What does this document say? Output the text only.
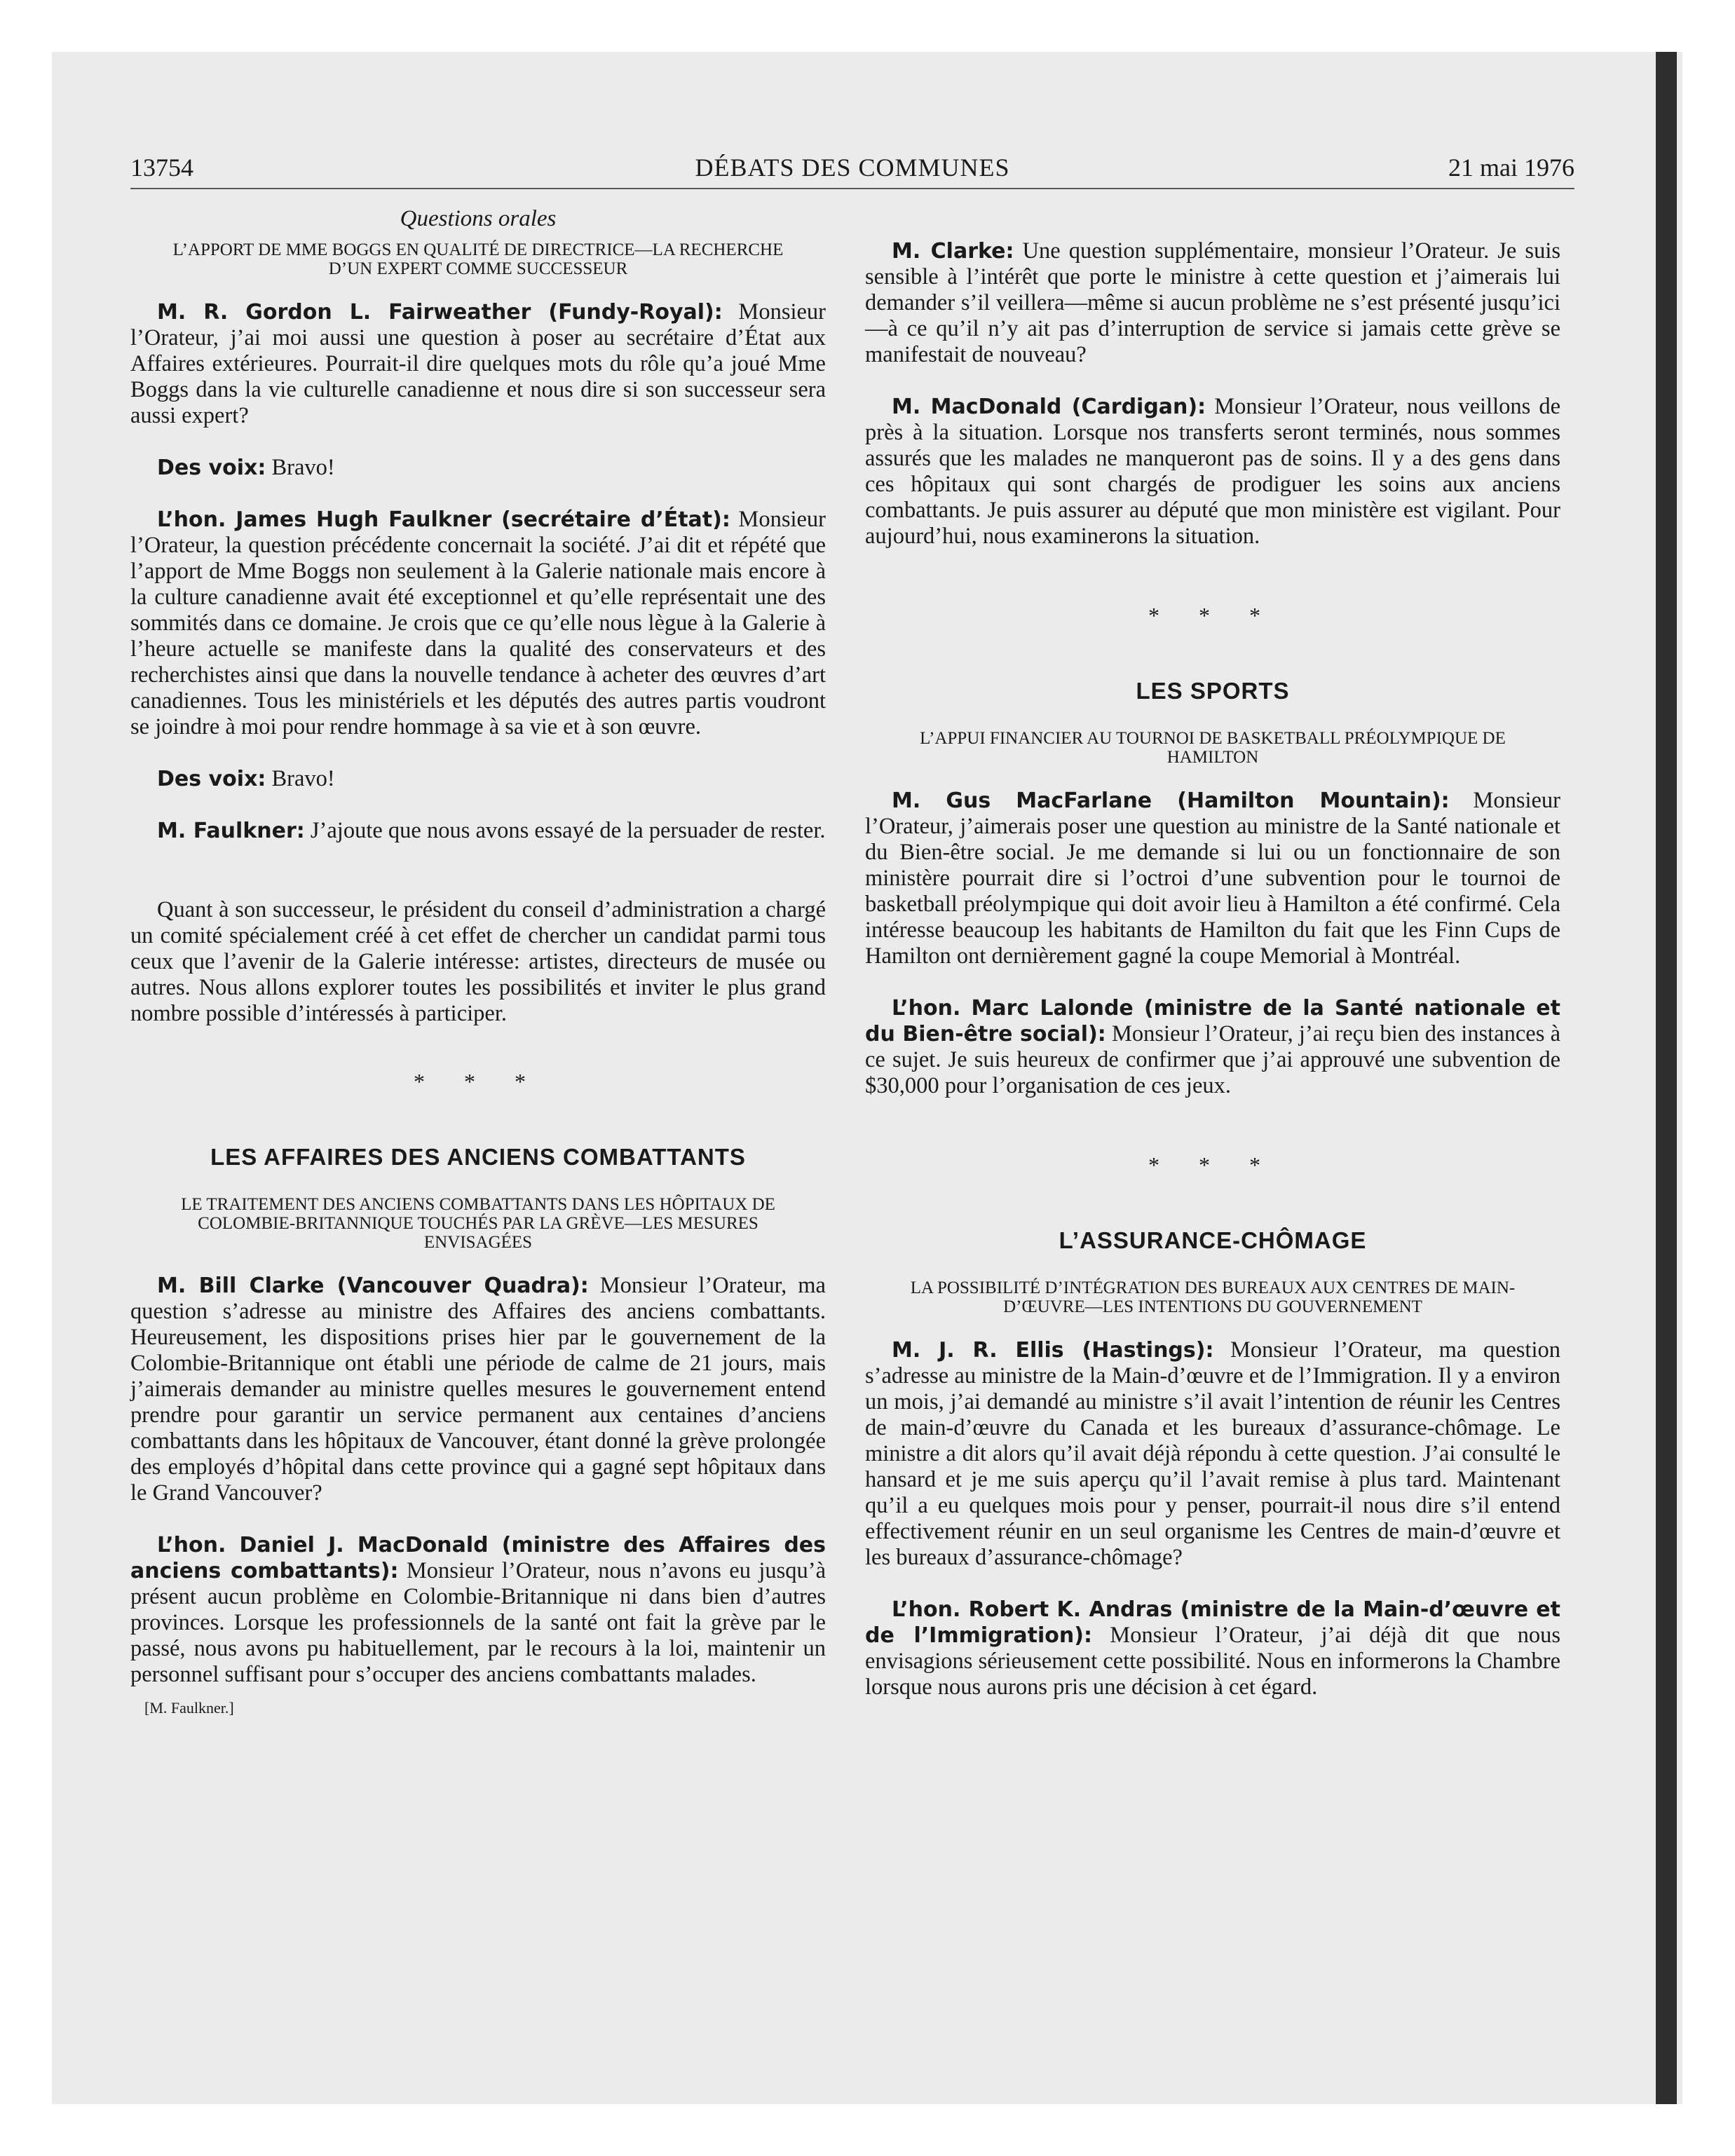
13754	DÉBATS DES COMMUNES	21 mai 1976
Questions orales
L’APPORT DE MME BOGGS EN QUALITÉ DE DIRECTRICE—LA RECHERCHE D’UN EXPERT COMME SUCCESSEUR

M. R. Gordon L. Fairweather (Fundy-Royal): Monsieur l’Orateur, j’ai moi aussi une question à poser au secrétaire d’État aux Affaires extérieures. Pourrait-il dire quelques mots du rôle qu’a joué Mme Boggs dans la vie culturelle canadienne et nous dire si son successeur sera aussi expert?

Des voix: Bravo!

L’hon. James Hugh Faulkner (secrétaire d’État): Monsieur l’Orateur, la question précédente concernait la société. J’ai dit et répété que l’apport de Mme Boggs non seulement à la Galerie nationale mais encore à la culture canadienne avait été exceptionnel et qu’elle représentait une des sommités dans ce domaine. Je crois que ce qu’elle nous lègue à la Galerie à l’heure actuelle se manifeste dans la qualité des conservateurs et des recherchistes ainsi que dans la nouvelle tendance à acheter des œuvres d’art canadiennes. Tous les ministériels et les députés des autres partis voudront se joindre à moi pour rendre hommage à sa vie et à son œuvre.

Des voix: Bravo!

M. Faulkner: J’ajoute que nous avons essayé de la persuader de rester.

Quant à son successeur, le président du conseil d’administration a chargé un comité spécialement créé à cet effet de chercher un candidat parmi tous ceux que l’avenir de la Galerie intéresse: artistes, directeurs de musée ou autres. Nous allons explorer toutes les possibilités et inviter le plus grand nombre possible d’intéressés à participer.

* * *
LES AFFAIRES DES ANCIENS COMBATTANTS
LE TRAITEMENT DES ANCIENS COMBATTANTS DANS LES HÔPITAUX DE COLOMBIE-BRITANNIQUE TOUCHÉS PAR LA GRÈVE—LES MESURES ENVISAGÉES

M. Bill Clarke (Vancouver Quadra): Monsieur l’Orateur, ma question s’adresse au ministre des Affaires des anciens combattants. Heureusement, les dispositions prises hier par le gouvernement de la Colombie-Britannique ont établi une période de calme de 21 jours, mais j’aimerais demander au ministre quelles mesures le gouvernement entend prendre pour garantir un service permanent aux centaines d’anciens combattants dans les hôpitaux de Vancouver, étant donné la grève prolongée des employés d’hôpital dans cette province qui a gagné sept hôpitaux dans le Grand Vancouver?

L’hon. Daniel J. MacDonald (ministre des Affaires des anciens combattants): Monsieur l’Orateur, nous n’avons eu jusqu’à présent aucun problème en Colombie-Britannique ni dans bien d’autres provinces. Lorsque les professionnels de la santé ont fait la grève par le passé, nous avons pu habituellement, par le recours à la loi, maintenir un personnel suffisant pour s’occuper des anciens combattants malades.

[M. Faulkner.]

M. Clarke: Une question supplémentaire, monsieur l’Orateur. Je suis sensible à l’intérêt que porte le ministre à cette question et j’aimerais lui demander s’il veillera—même si aucun problème ne s’est présenté jusqu’ici—à ce qu’il n’y ait pas d’interruption de service si jamais cette grève se manifestait de nouveau?

M. MacDonald (Cardigan): Monsieur l’Orateur, nous veillons de près à la situation. Lorsque nos transferts seront terminés, nous sommes assurés que les malades ne manqueront pas de soins. Il y a des gens dans ces hôpitaux qui sont chargés de prodiguer les soins aux anciens combattants. Je puis assurer au député que mon ministère est vigilant. Pour aujourd’hui, nous examinerons la situation.

* * *
LES SPORTS
L’APPUI FINANCIER AU TOURNOI DE BASKETBALL PRÉOLYMPIQUE DE HAMILTON

M. Gus MacFarlane (Hamilton Mountain): Monsieur l’Orateur, j’aimerais poser une question au ministre de la Santé nationale et du Bien-être social. Je me demande si lui ou un fonctionnaire de son ministère pourrait dire si l’octroi d’une subvention pour le tournoi de basketball préolympique qui doit avoir lieu à Hamilton a été confirmé. Cela intéresse beaucoup les habitants de Hamilton du fait que les Finn Cups de Hamilton ont dernièrement gagné la coupe Memorial à Montréal.

L’hon. Marc Lalonde (ministre de la Santé nationale et du Bien-être social): Monsieur l’Orateur, j’ai reçu bien des instances à ce sujet. Je suis heureux de confirmer que j’ai approuvé une subvention de $30,000 pour l’organisation de ces jeux.

* * *
L’ASSURANCE-CHÔMAGE
LA POSSIBILITÉ D’INTÉGRATION DES BUREAUX AUX CENTRES DE MAIN-D’ŒUVRE—LES INTENTIONS DU GOUVERNEMENT

M. J. R. Ellis (Hastings): Monsieur l’Orateur, ma question s’adresse au ministre de la Main-d’œuvre et de l’Immigration. Il y a environ un mois, j’ai demandé au ministre s’il avait l’intention de réunir les Centres de main-d’œuvre du Canada et les bureaux d’assurance-chômage. Le ministre a dit alors qu’il avait déjà répondu à cette question. J’ai consulté le hansard et je me suis aperçu qu’il l’avait remise à plus tard. Maintenant qu’il a eu quelques mois pour y penser, pourrait-il nous dire s’il entend effectivement réunir en un seul organisme les Centres de main-d’œuvre et les bureaux d’assurance-chômage?

L’hon. Robert K. Andras (ministre de la Main-d’œuvre et de l’Immigration): Monsieur l’Orateur, j’ai déjà dit que nous envisagions sérieusement cette possibilité. Nous en informerons la Chambre lorsque nous aurons pris une décision à cet égard.
